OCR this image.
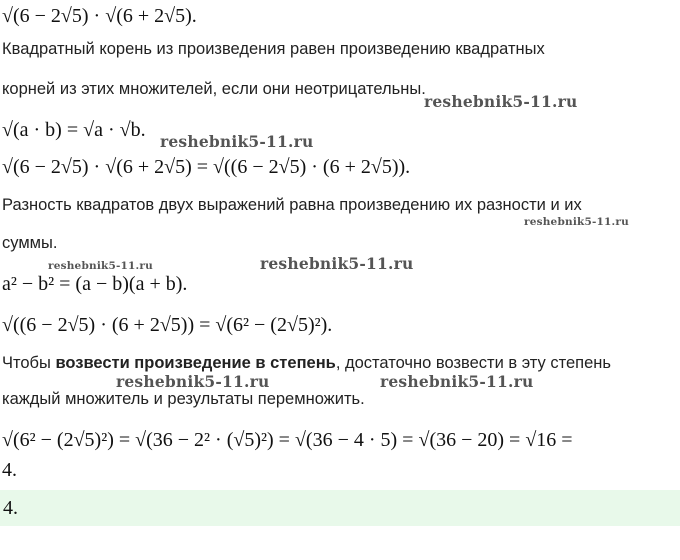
√(6 − 2√5) · √(6 + 2√5).
Квадратный корень из произведения равен произведению квадратных
корней из этих множителей, если они неотрицательны.
√(a · b) = √a · √b.
√(6 − 2√5) · √(6 + 2√5) = √((6 − 2√5) · (6 + 2√5)).
Разность квадратов двух выражений равна произведению их разности и их
суммы.
a² − b² = (a − b)(a + b).
√((6 − 2√5) · (6 + 2√5)) = √(6² − (2√5)²).
Чтобы возвести произведение в степень, достаточно возвести в эту степень
каждый множитель и результаты перемножить.
√(6² − (2√5)²) = √(36 − 2² · (√5)²) = √(36 − 4 · 5) = √(36 − 20) = √16 =
4.
4.
reshebnik5-11.ru
reshebnik5-11.ru
reshebnik5-11.ru
reshebnik5-11.ru	reshebnik5-11.ru
reshebnik5-11.ru	reshebnik5-11.ru
